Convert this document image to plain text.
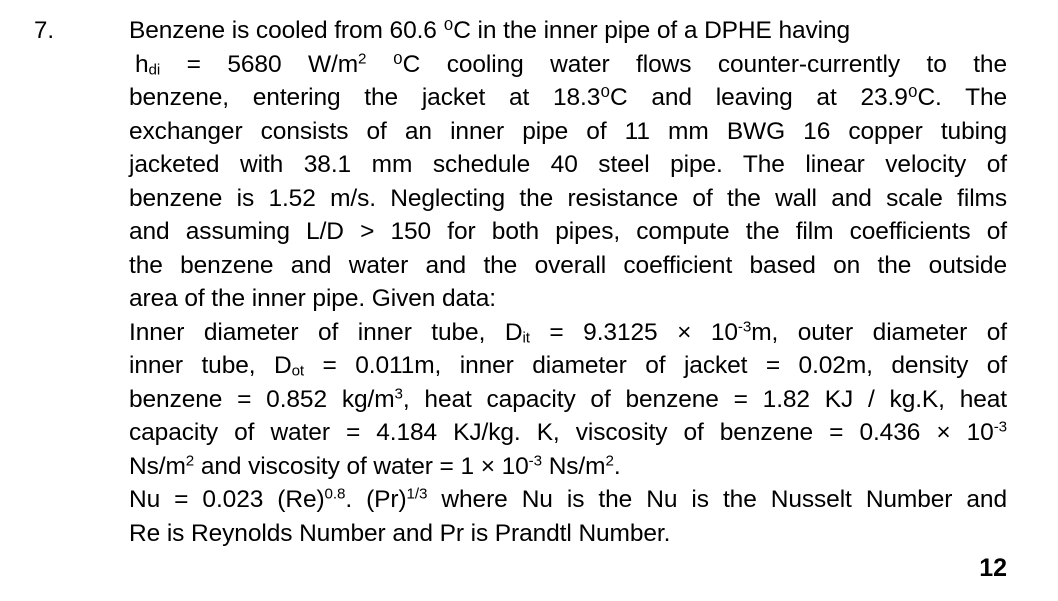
7.	Benzene is cooled from 60.6 ⁰C in the inner pipe of a DPHE having
$h_{di} = 5680$ $W/m^2$ ⁰C cooling water flows counter-currently to the
benzene, entering the jacket at 18.3⁰C and leaving at 23.9⁰C. The
exchanger consists of an inner pipe of 11 mm BWG 16 copper tubing
jacketed with 38.1 mm schedule 40 steel pipe. The linear velocity of
benzene is 1.52 m/s. Neglecting the resistance of the wall and scale films
and assuming L/D > 150 for both pipes, compute the film coefficients of
the benzene and water and the overall coefficient based on the outside
area of the inner pipe. Given data:
Inner diameter of inner tube, $D_{it} = 9.3125 \times 10^{-3}m$, outer diameter of
inner tube, $D_{ot} = 0.011m$, inner diameter of jacket = 0.02m, density of
benzene = 0.852 $kg/m^3$, heat capacity of benzene = 1.82 KJ / kg.K, heat
capacity of water = 4.184 KJ/kg. K, viscosity of benzene = $0.436 \times 10^{-3}$
$Ns/m^2$ and viscosity of water = $1 \times 10^{-3}$ $Ns/m^2$.
Nu = 0.023 $(Re)^{0.8}$. $(Pr)^{1/3}$ where Nu is the Nu is the Nusselt Number and
Re is Reynolds Number and Pr is Prandtl Number.
12
